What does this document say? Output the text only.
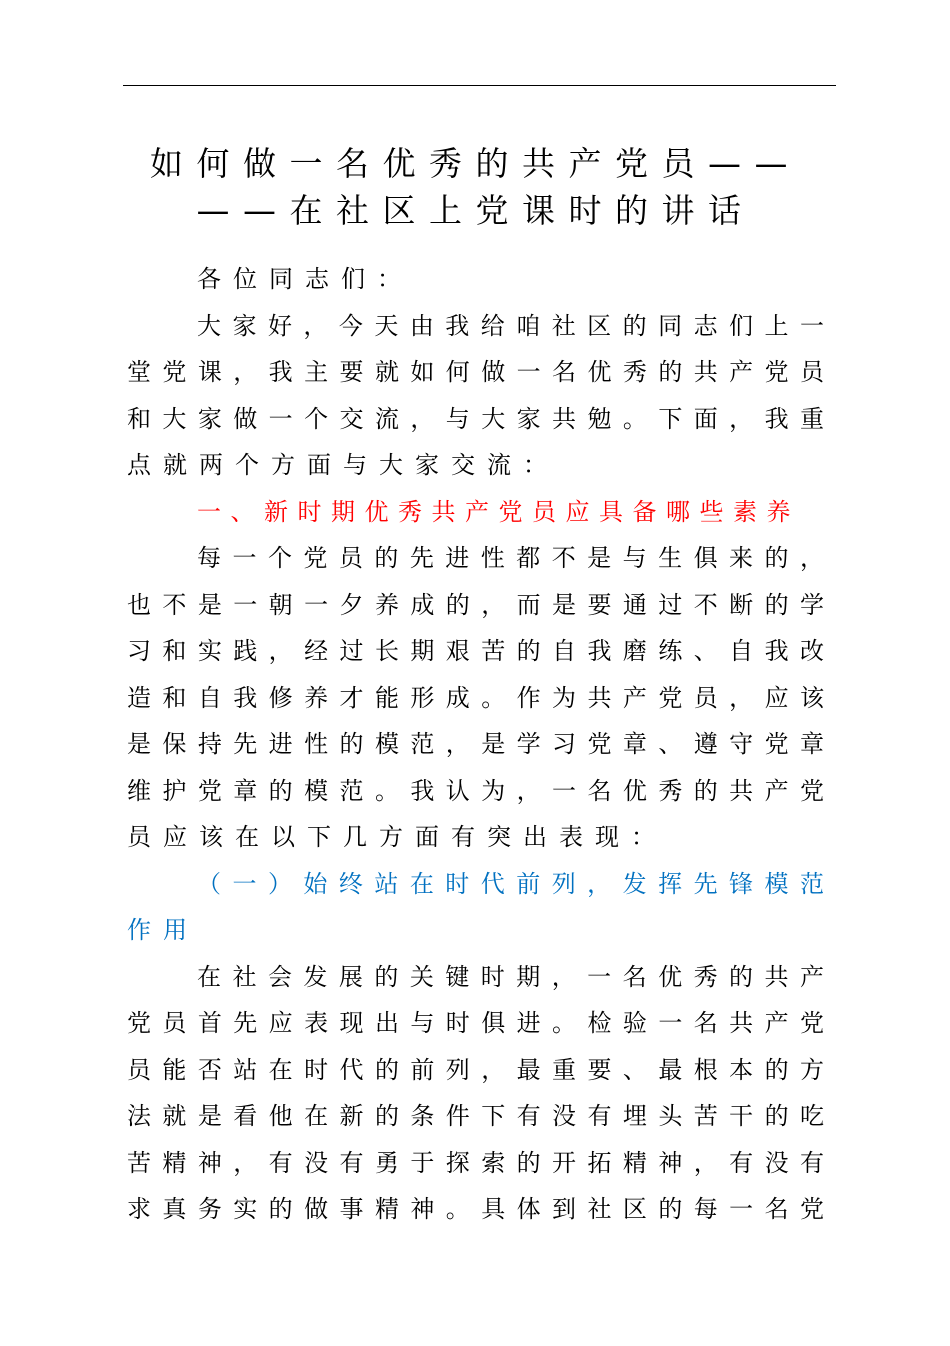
如何做一名优秀的共产党员——
——在社区上党课时的讲话
各位同志们：
大家好，今天由我给咱社区的同志们上一
堂党课，我主要就如何做一名优秀的共产党员
和大家做一个交流，与大家共勉。下面，我重
点就两个方面与大家交流：
一、新时期优秀共产党员应具备哪些素养
每一个党员的先进性都不是与生俱来的，
也不是一朝一夕养成的，而是要通过不断的学
习和实践，经过长期艰苦的自我磨练、自我改
造和自我修养才能形成。作为共产党员，应该
是保持先进性的模范，是学习党章、遵守党章
维护党章的模范。我认为，一名优秀的共产党
员应该在以下几方面有突出表现：
（一）始终站在时代前列，发挥先锋模范
作用
在社会发展的关键时期，一名优秀的共产
党员首先应表现出与时俱进。检验一名共产党
员能否站在时代的前列，最重要、最根本的方
法就是看他在新的条件下有没有埋头苦干的吃
苦精神，有没有勇于探索的开拓精神，有没有
求真务实的做事精神。具体到社区的每一名党
